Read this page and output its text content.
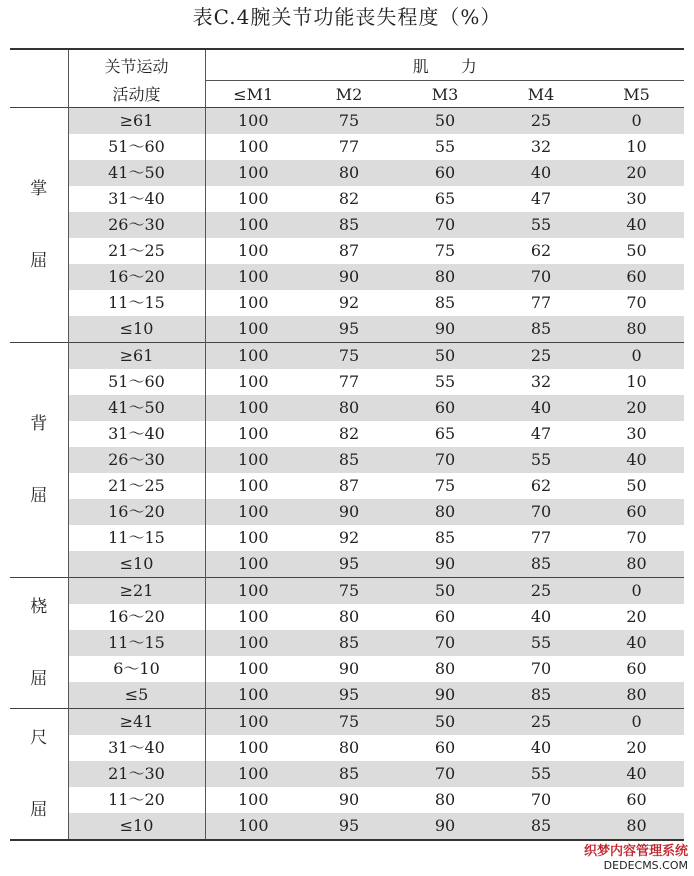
表C.4腕关节功能丧失程度（%）
	关节运动	肌　　力				
	活动度	≤M1	M2	M3	M4	M5

掌
屈	≥61	100	75	50	25	0
	51～60	100	77	55	32	10
	41～50	100	80	60	40	20
	31～40	100	82	65	47	30
	26～30	100	85	70	55	40
	21～25	100	87	75	62	50
	16～20	100	90	80	70	60
	11～15	100	92	85	77	70
	≤10	100	95	90	85	80

背
屈	≥61	100	75	50	25	0
	51～60	100	77	55	32	10
	41～50	100	80	60	40	20
	31～40	100	82	65	47	30
	26～30	100	85	70	55	40
	21～25	100	87	75	62	50
	16～20	100	90	80	70	60
	11～15	100	92	85	77	70
	≤10	100	95	90	85	80

桡
屈	≥21	100	75	50	25	0
	16～20	100	80	60	40	20
	11～15	100	85	70	55	40
	6～10	100	90	80	70	60
	≤5	100	95	90	85	80

尺
屈	≥41	100	75	50	25	0
	31～40	100	80	60	40	20
	21～30	100	85	70	55	40
	11～20	100	90	80	70	60
	≤10	100	95	90	85	80
织梦内容管理系统
DEDECMS.COM
